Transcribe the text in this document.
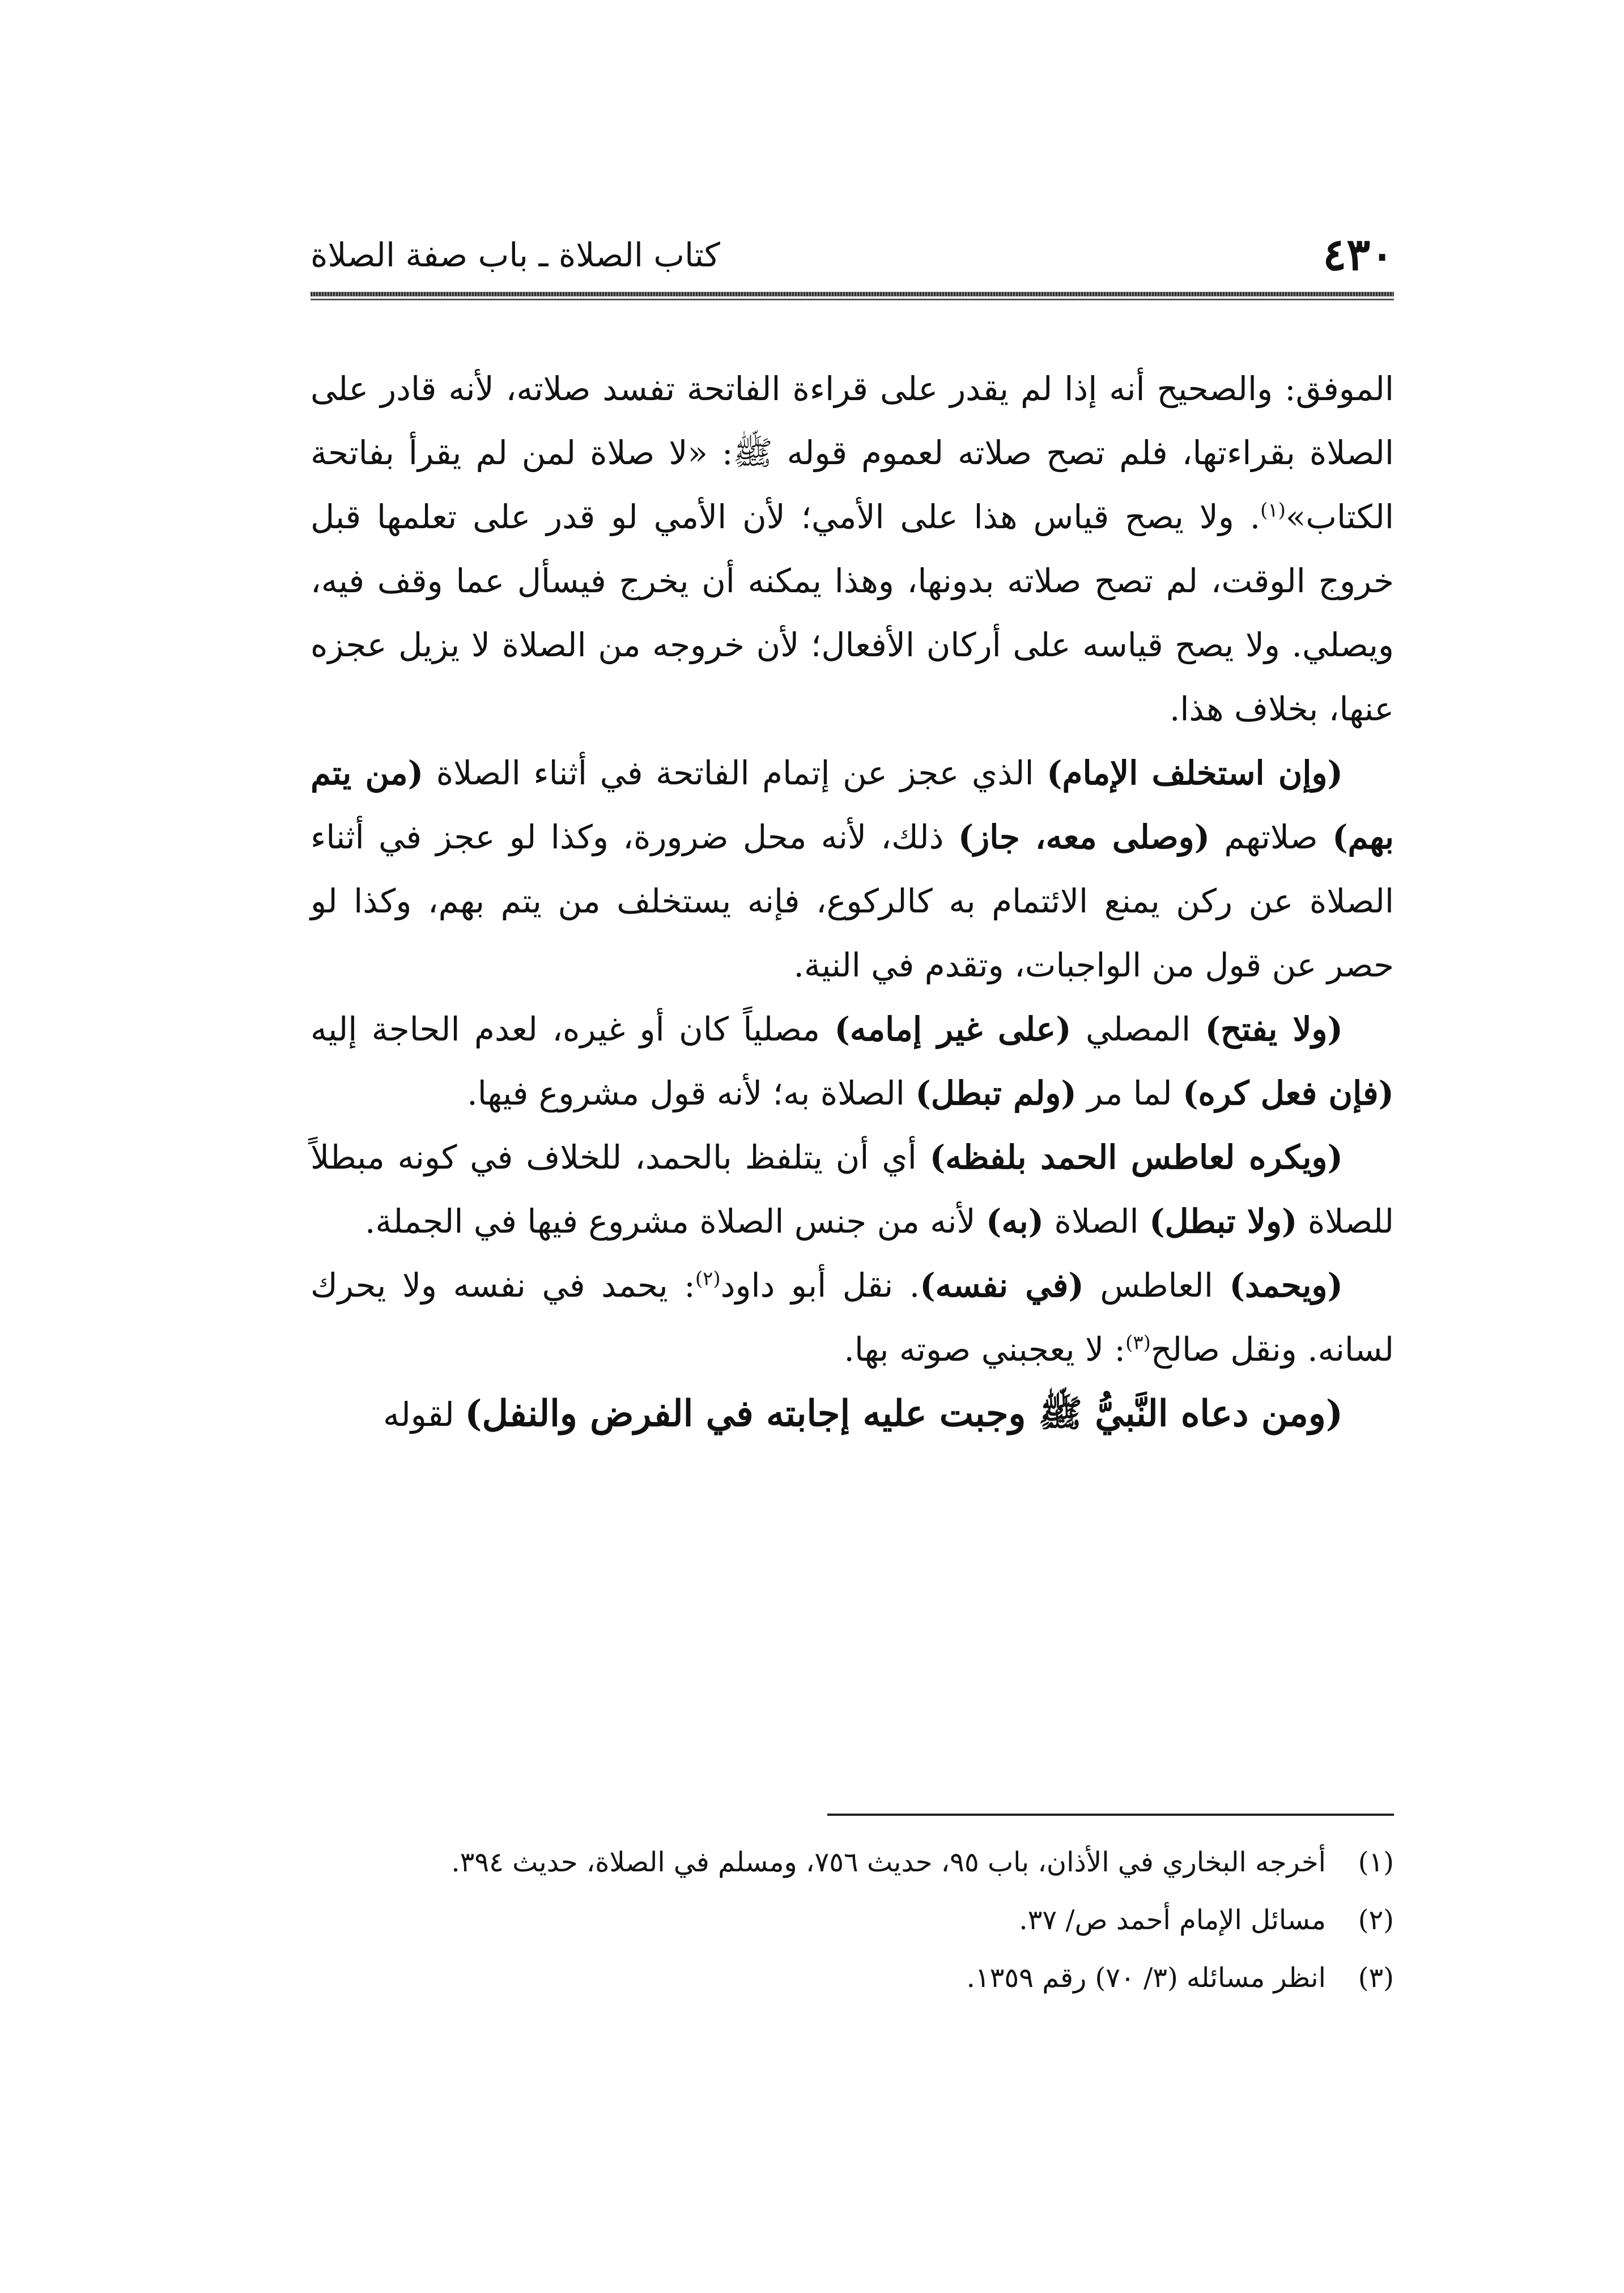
٤٣٠
كتاب الصلاة ـ باب صفة الصلاة

الموفق: والصحيح أنه إذا لم يقدر على قراءة الفاتحة تفسد صلاته، لأنه قادر على الصلاة بقراءتها، فلم تصح صلاته لعموم قوله ﷺ: «لا صلاة لمن لم يقرأ بفاتحة الكتاب»$^{(١)}$. ولا يصح قياس هذا على الأمي؛ لأن الأمي لو قدر على تعلمها قبل خروج الوقت، لم تصح صلاته بدونها، وهذا يمكنه أن يخرج فيسأل عما وقف فيه، ويصلي. ولا يصح قياسه على أركان الأفعال؛ لأن خروجه من الصلاة لا يزيل عجزه عنها، بخلاف هذا.

(وإن استخلف الإمام) الذي عجز عن إتمام الفاتحة في أثناء الصلاة (من يتم بهم) صلاتهم (وصلى معه، جاز) ذلك، لأنه محل ضرورة، وكذا لو عجز في أثناء الصلاة عن ركن يمنع الائتمام به كالركوع، فإنه يستخلف من يتم بهم، وكذا لو حصر عن قول من الواجبات، وتقدم في النية.

(ولا يفتح) المصلي (على غير إمامه) مصلياً كان أو غيره، لعدم الحاجة إليه (فإن فعل كره) لما مر (ولم تبطل) الصلاة به؛ لأنه قول مشروع فيها.

(ويكره لعاطس الحمد بلفظه) أي أن يتلفظ بالحمد، للخلاف في كونه مبطلاً للصلاة (ولا تبطل) الصلاة (به) لأنه من جنس الصلاة مشروع فيها في الجملة.

(ويحمد) العاطس (في نفسه). نقل أبو داود$^{(٢)}$: يحمد في نفسه ولا يحرك لسانه. ونقل صالح$^{(٣)}$: لا يعجبني صوته بها.

(ومن دعاه النَّبيُّ ﷺ وجبت عليه إجابته في الفرض والنفل) لقوله

(١)
أخرجه البخاري في الأذان، باب ٩٥، حديث ٧٥٦، ومسلم في الصلاة، حديث ٣٩٤.
(٢)
مسائل الإمام أحمد ص/ ٣٧.
(٣)
انظر مسائله (٣/ ٧٠) رقم ١٣٥٩.
